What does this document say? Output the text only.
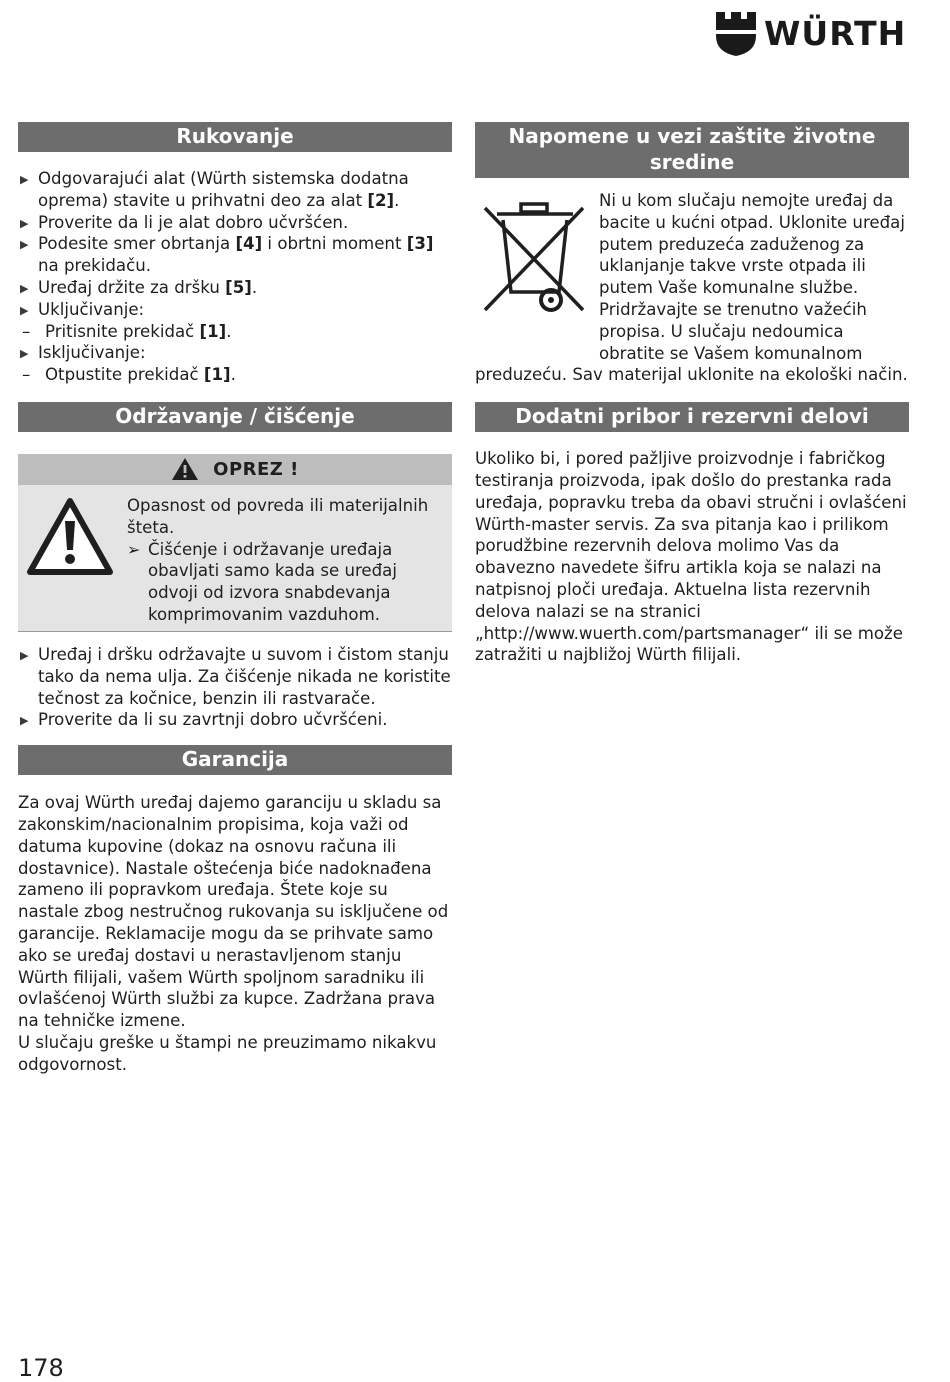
WÜRTH
Rukovanje
▶ Odgovarajući alat (Würth sistemska dodatna oprema) stavite u prihvatni deo za alat [2].
▶ Proverite da li je alat dobro učvršćen.
▶ Podesite smer obrtanja [4] i obrtni moment [3] na prekidaču.
▶ Uređaj držite za dršku [5].
▶ Uključivanje:
– Pritisnite prekidač [1].
▶ Isključivanje:
– Otpustite prekidač [1].
Održavanje / čišćenje
OPREZ !
Opasnost od povreda ili materijalnih šteta.
➢ Čišćenje i održavanje uređaja obavljati samo kada se uređaj odvoji od izvora snabdevanja komprimovanim vazduhom.
▶ Uređaj i dršku održavajte u suvom i čistom stanju tako da nema ulja. Za čišćenje nikada ne koristite tečnost za kočnice, benzin ili rastvarače.
▶ Proverite da li su zavrtnji dobro učvršćeni.
Garancija
Za ovaj Würth uređaj dajemo garanciju u skladu sa zakonskim/nacionalnim propisima, koja važi od datuma kupovine (dokaz na osnovu računa ili dostavnice). Nastale oštećenja biće nadoknađena zameno ili popravkom uređaja. Štete koje su nastale zbog nestručnog rukovanja su isključene od garancije. Reklamacije mogu da se prihvate samo ako se uređaj dostavi u nerastavljenom stanju Würth filijali, vašem Würth spoljnom saradniku ili ovlašćenoj Würth službi za kupce. Zadržana prava na tehničke izmene.
U slučaju greške u štampi ne preuzimamo nikakvu odgovornost.
Napomene u vezi zaštite životne sredine
Ni u kom slučaju nemojte uređaj da bacite u kućni otpad. Uklonite uređaj putem preduzeća zaduženog za uklanjanje takve vrste otpada ili putem Vaše komunalne službe. Pridržavajte se trenutno važećih propisa. U slučaju nedoumica obratite se Vašem komunalnom preduzeću. Sav materijal uklonite na ekološki način.
Dodatni pribor i rezervni delovi
Ukoliko bi, i pored pažljive proizvodnje i fabričkog testiranja proizvoda, ipak došlo do prestanka rada uređaja, popravku treba da obavi stručni i ovlašćeni Würth-master servis. Za sva pitanja kao i prilikom porudžbine rezervnih delova molimo Vas da obavezno navedete šifru artikla koja se nalazi na natpisnoj ploči uređaja. Aktuelna lista rezervnih delova nalazi se na stranici „http://www.wuerth.com/partsmanager“ ili se može zatražiti u najbližoj Würth filijali.
178
